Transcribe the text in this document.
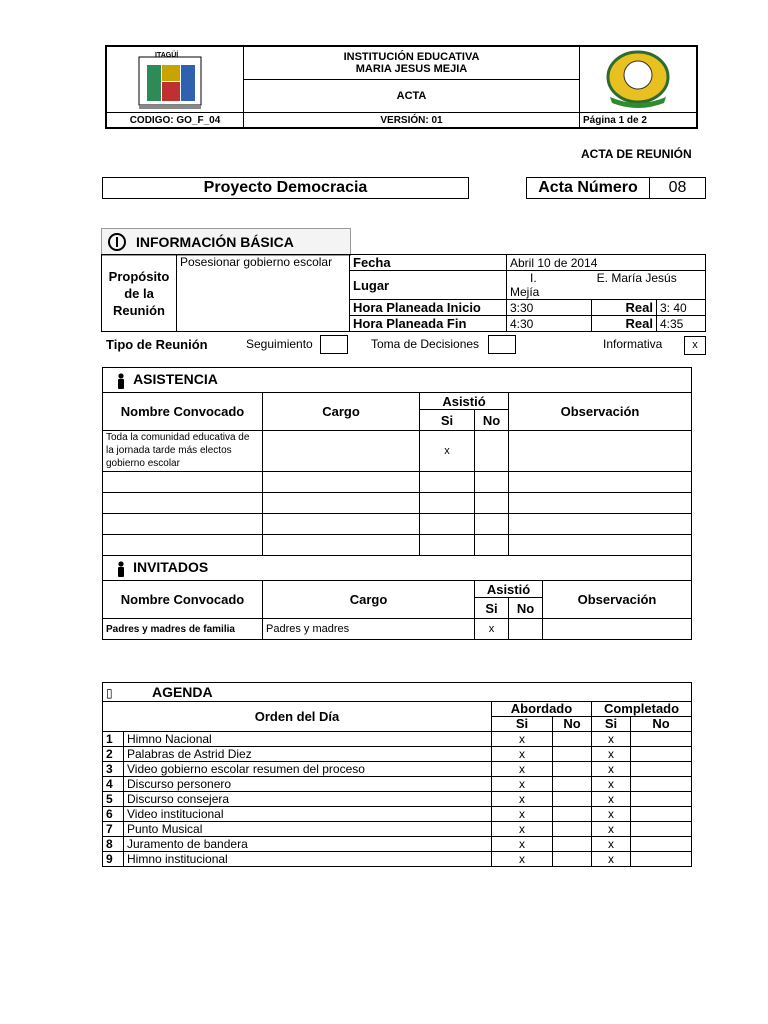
ITAGÜÍ	INSTITUCIÓN EDUCATIVA
MARIA JESUS MEJIA

	ACTA	
CODIGO: GO_F_04	VERSIÓN: 01	Página 1 de 2
ACTA DE REUNIÓN
Proyecto Democracia	Acta Número	08
INFORMACIÓN BÁSICA
Propósito de la Reunión	Posesionar gobierno escolar	Fecha	Abril 10 de 2014		
		Lugar	I. E. María Jesús Mejía		
		Hora Planeada Inicio	3:30	Real	3: 40
		Hora Planeada Fin	4:30	Real	4:35
Tipo de Reunión	Seguimiento	Toma de Decisiones	Informativa	x
ASISTENCIA					
Nombre Convocado	Cargo	Asistió		Observación	
		Si	No		
Toda la comunidad educativa de la jornada tarde más electos gobierno escolar		x			

INVITADOS					
Nombre Convocado	Cargo		Asistió		Observación
			Si	No	
Padres y madres de familia	Padres y madres		x		
▯ AGENDA					
Orden del Día		Abordado		Completado	
		Si	No	Si	No
1	Himno Nacional	x		x	
2	Palabras de Astrid Diez	x		x	
3	Video gobierno escolar resumen del proceso	x		x	
4	Discurso personero	x		x	
5	Discurso consejera	x		x	
6	Video institucional	x		x	
7	Punto Musical	x		x	
8	Juramento de bandera	x		x	
9	Himno institucional	x		x	
